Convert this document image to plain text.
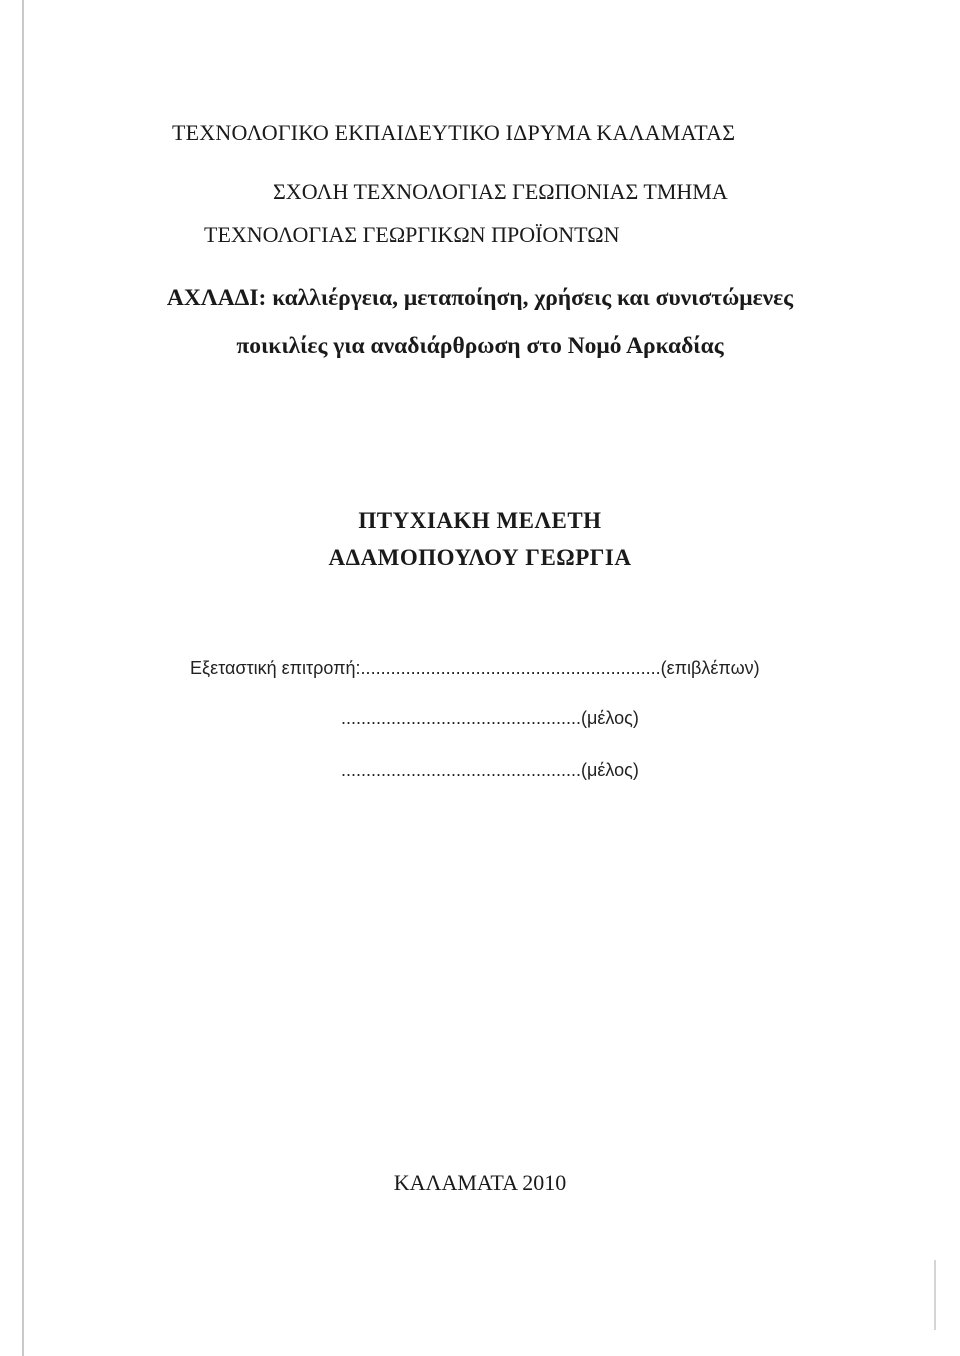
ΤΕΧΝΟΛΟΓΙΚΟ ΕΚΠΑΙΔΕΥΤΙΚΟ ΙΔΡΥΜΑ ΚΑΛΑΜΑΤΑΣ
ΣΧΟΛΗ ΤΕΧΝΟΛΟΓΙΑΣ ΓΕΩΠΟΝΙΑΣ ΤΜΗΜΑ
ΤΕΧΝΟΛΟΓΙΑΣ ΓΕΩΡΓΙΚΩΝ ΠΡΟΪΟΝΤΩΝ
ΑΧΛΑΔΙ: καλλιέργεια, μεταποίηση, χρήσεις και συνιστώμενες
ποικιλίες για αναδιάρθρωση στο Νομό Αρκαδίας
ΠΤΥΧΙΑΚΗ ΜΕΛΕΤΗ
ΑΔΑΜΟΠΟΥΛΟΥ ΓΕΩΡΓΙΑ
Εξεταστική επιτροπή:............................................................(επιβλέπων)
................................................(μέλος)
................................................(μέλος)
ΚΑΛΑΜΑΤΑ 2010
